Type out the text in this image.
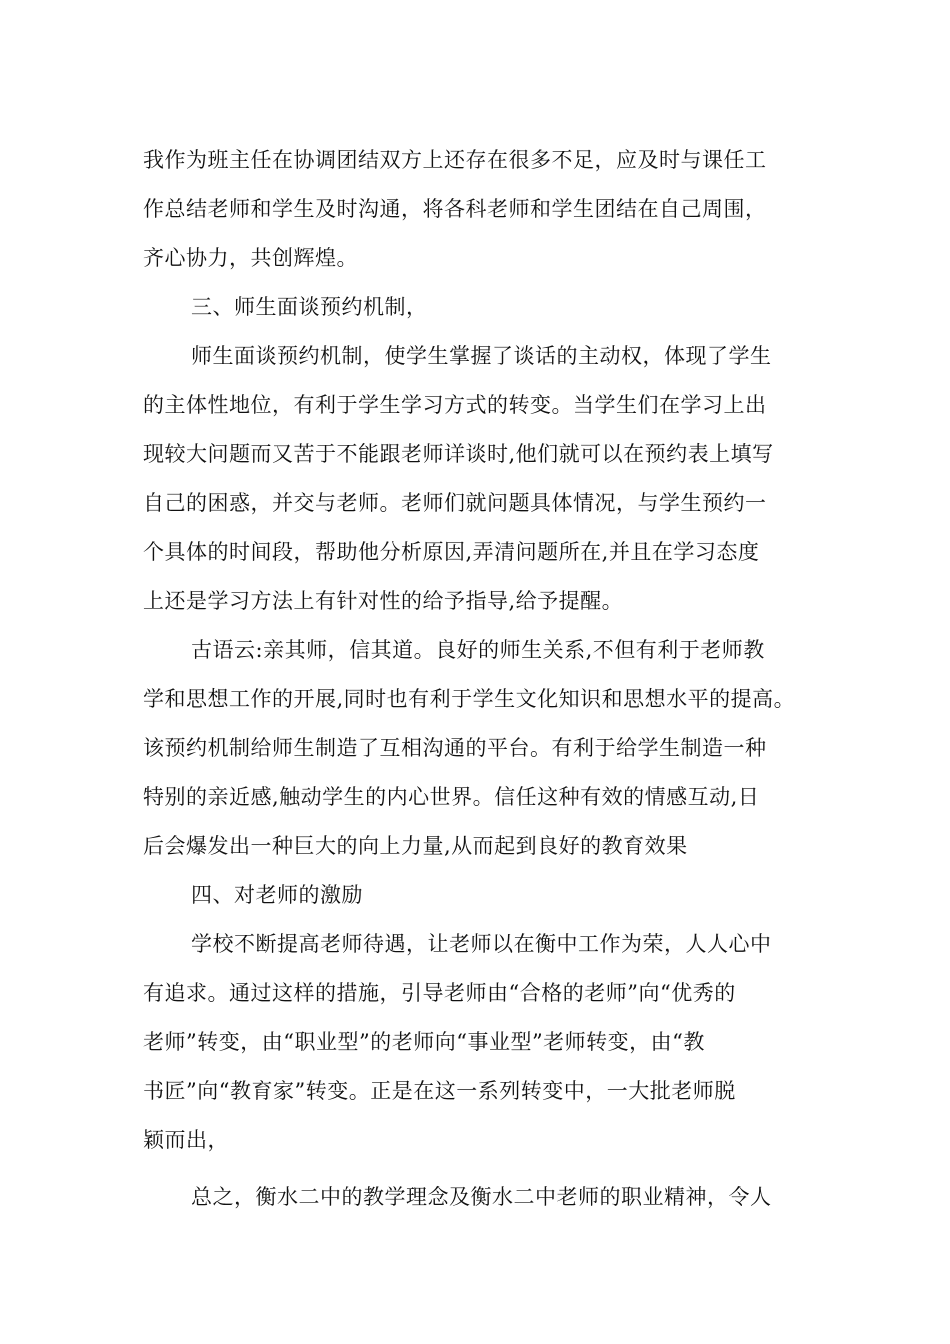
我作为班主任在协调团结双方上还存在很多不足，应及时与课任工
作总结老师和学生及时沟通，将各科老师和学生团结在自己周围，
齐心协力，共创辉煌。
三、师生面谈预约机制，
师生面谈预约机制，使学生掌握了谈话的主动权，体现了学生
的主体性地位，有利于学生学习方式的转变。当学生们在学习上出
现较大问题而又苦于不能跟老师详谈时,他们就可以在预约表上填写
自己的困惑，并交与老师。老师们就问题具体情况，与学生预约一
个具体的时间段，帮助他分析原因,弄清问题所在,并且在学习态度
上还是学习方法上有针对性的给予指导,给予提醒。
古语云:亲其师，信其道。良好的师生关系,不但有利于老师教
学和思想工作的开展,同时也有利于学生文化知识和思想水平的提高。
该预约机制给师生制造了互相沟通的平台。有利于给学生制造一种
特别的亲近感,触动学生的内心世界。信任这种有效的情感互动,日
后会爆发出一种巨大的向上力量,从而起到良好的教育效果
四、对老师的激励
学校不断提高老师待遇，让老师以在衡中工作为荣，人人心中
有追求。通过这样的措施，引导老师由“合格的老师”向“优秀的
老师”转变，由“职业型”的老师向“事业型”老师转变，由“教
书匠”向“教育家”转变。正是在这一系列转变中，一大批老师脱
颖而出，
总之，衡水二中的教学理念及衡水二中老师的职业精神，令人
